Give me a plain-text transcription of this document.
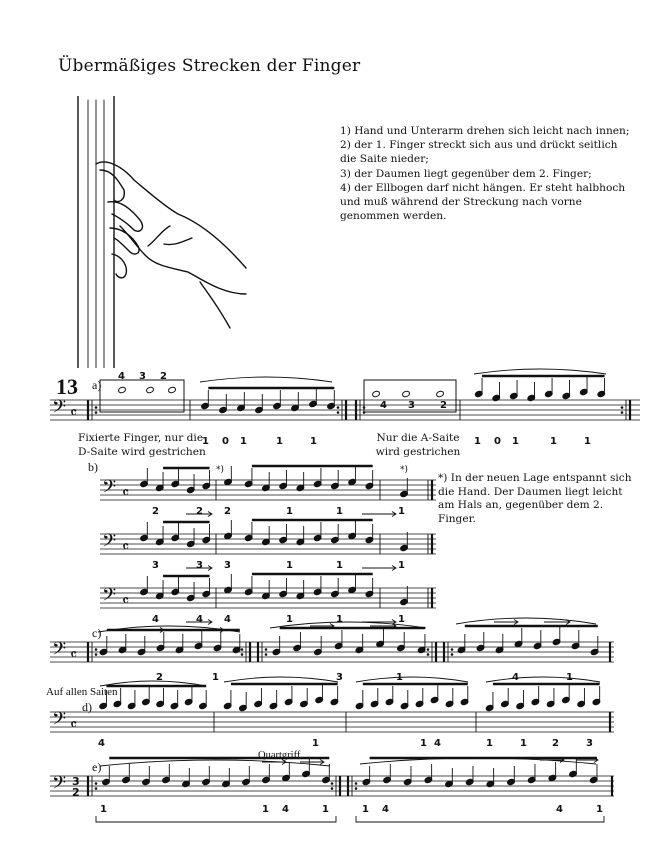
Übermäßiges Strecken der Finger
1) Hand und Unterarm drehen sich leicht nach innen;
2) der 1. Finger streckt sich aus und drückt seitlich die Saite nieder;
3) der Daumen liegt gegenüber dem 2. Finger;
4) der Ellbogen darf nicht hängen. Er steht halbhoch und muß während der Streckung nach vorne genommen werden.
13 a)
b)
c)
d)
e)
Fixierte Finger, nur die D-Saite wird gestrichen
Nur die A-Saite wird gestrichen
*) In der neuen Lage entspannt sich die Hand. Der Daumen liegt leicht am Hals an, gegenüber dem 2. Finger.
Auf allen Saiten
Quartgriff
𝄢 𝄴
1 0 1	1	1
4 3	2
1 0 1	1	1
𝄢 𝄴
2	2 2	1	1	1
𝄢 𝄴
3	3 3	1	1	1
𝄢 𝄴
4	4 4	1	1	1
*)	*)
𝄢 𝄴
2	1	3	1	4	1
𝄢 𝄴
4	1	1 4	1	1	2	3
𝄢 3
2
1	1 4	1	1 4	4	1
432
